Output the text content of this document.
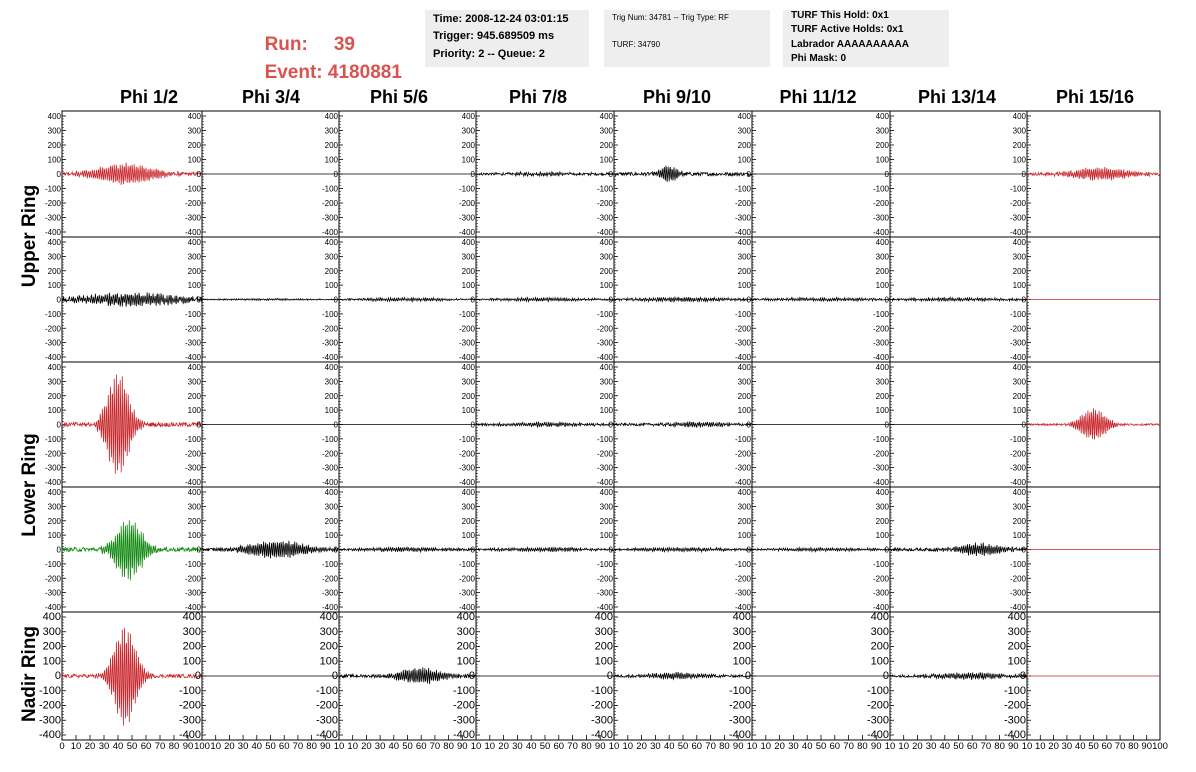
Run: 39

Event: 4180881

Time: 2008-12-24 03:01:15
Trigger: 945.689509 ms
Priority: 2 -- Queue: 2
Trig Num: 34781 -- Trig Type: RF
TURF: 34790
TURF This Hold: 0x1
TURF Active Holds: 0x1
Labrador AAAAAAAAAA
Phi Mask: 0
Phi 1/2	Phi 3/4	Phi 5/6	Phi 7/8	Phi 9/10	Phi 11/12	Phi 13/14	Phi 15/16
Upper Ring
Lower Ring
Nadir Ring
400
300
200
100
0
-100
-200
-300
-400
400
300
200
100
0
-100
-200
-300
-400
400
300
200
100
0
-100
-200
-300
-400
400
300
200
100
0
-100
-200
-300
-400
400
300
200
100
0
-100
-200
-300
-400
400
300
200
100
0
-100
-200
-300
-400
400
300
200
100
0
-100
-200
-300
-400
400
300
200
100
0
-100
-200
-300
-400
400
300
200
100
0
-100
-200
-300
-400
400
300
200
100
0
-100
-200
-300
-400
400
300
200
100
0
-100
-200
-300
-400
400
300
200
100
0
-100
-200
-300
-400
400
300
200
100
0
-100
-200
-300
-400
400
300
200
100
0
-100
-200
-300
-400
400
300
200
100
0
-100
-200
-300
-400
400
300
200
100
0
-100
-200
-300
-400
400
300
200
100
0
-100
-200
-300
-400
400
300
200
100
0
-100
-200
-300
-400
400
300
200
100
0
-100
-200
-300
-400
400
300
200
100
0
-100
-200
-300
-400
400
300
200
100
0
-100
-200
-300
-400
400
300
200
100
0
-100
-200
-300
-400
400
300
200
100
0
-100
-200
-300
-400
400
300
200
100
0
-100
-200
-300
-400
400
300
200
100
0
-100
-200
-300
-400
400
300
200
100
0
-100
-200
-300
-400
400
300
200
100
0
-100
-200
-300
-400
400
300
200
100
0
-100
-200
-300
-400
400
300
200
100
0
-100
-200
-300
-400
400
300
200
100
0
-100
-200
-300
-400
400
300
200
100
0
-100
-200
-300
-400
400
300
200
100
0
-100
-200
-300
-400
400
300
200
100
0
-100
-200
-300
-400
400
300
200
100
0
-100
-200
-300
-400
400
300
200
100
0
-100
-200
-300
-400
400
300
200
100
0
-100
-200
-300
-400
400
300
200
100
0
-100
-200
-300
-400
400
300
200
100
0
-100
-200
-300
-400
400
300
200
100
0
-100
-200
-300
-400
400
300
200
100
0
-100
-200
-300
-400
0 10 20 30 40 50 60 70 80 90 100 10 20 30 40 50 60 70 80 90 10 10 20 30 40 50 60 70 80 90 10 10 20 30 40 50 60 70 80 90 10 10 20 30 40 50 60 70 80 90 10 10 20 30 40 50 60 70 80 90 10 10 20 30 40 50 60 70 80 90 10 10 20 30 40 50 60 70 80 90 100
